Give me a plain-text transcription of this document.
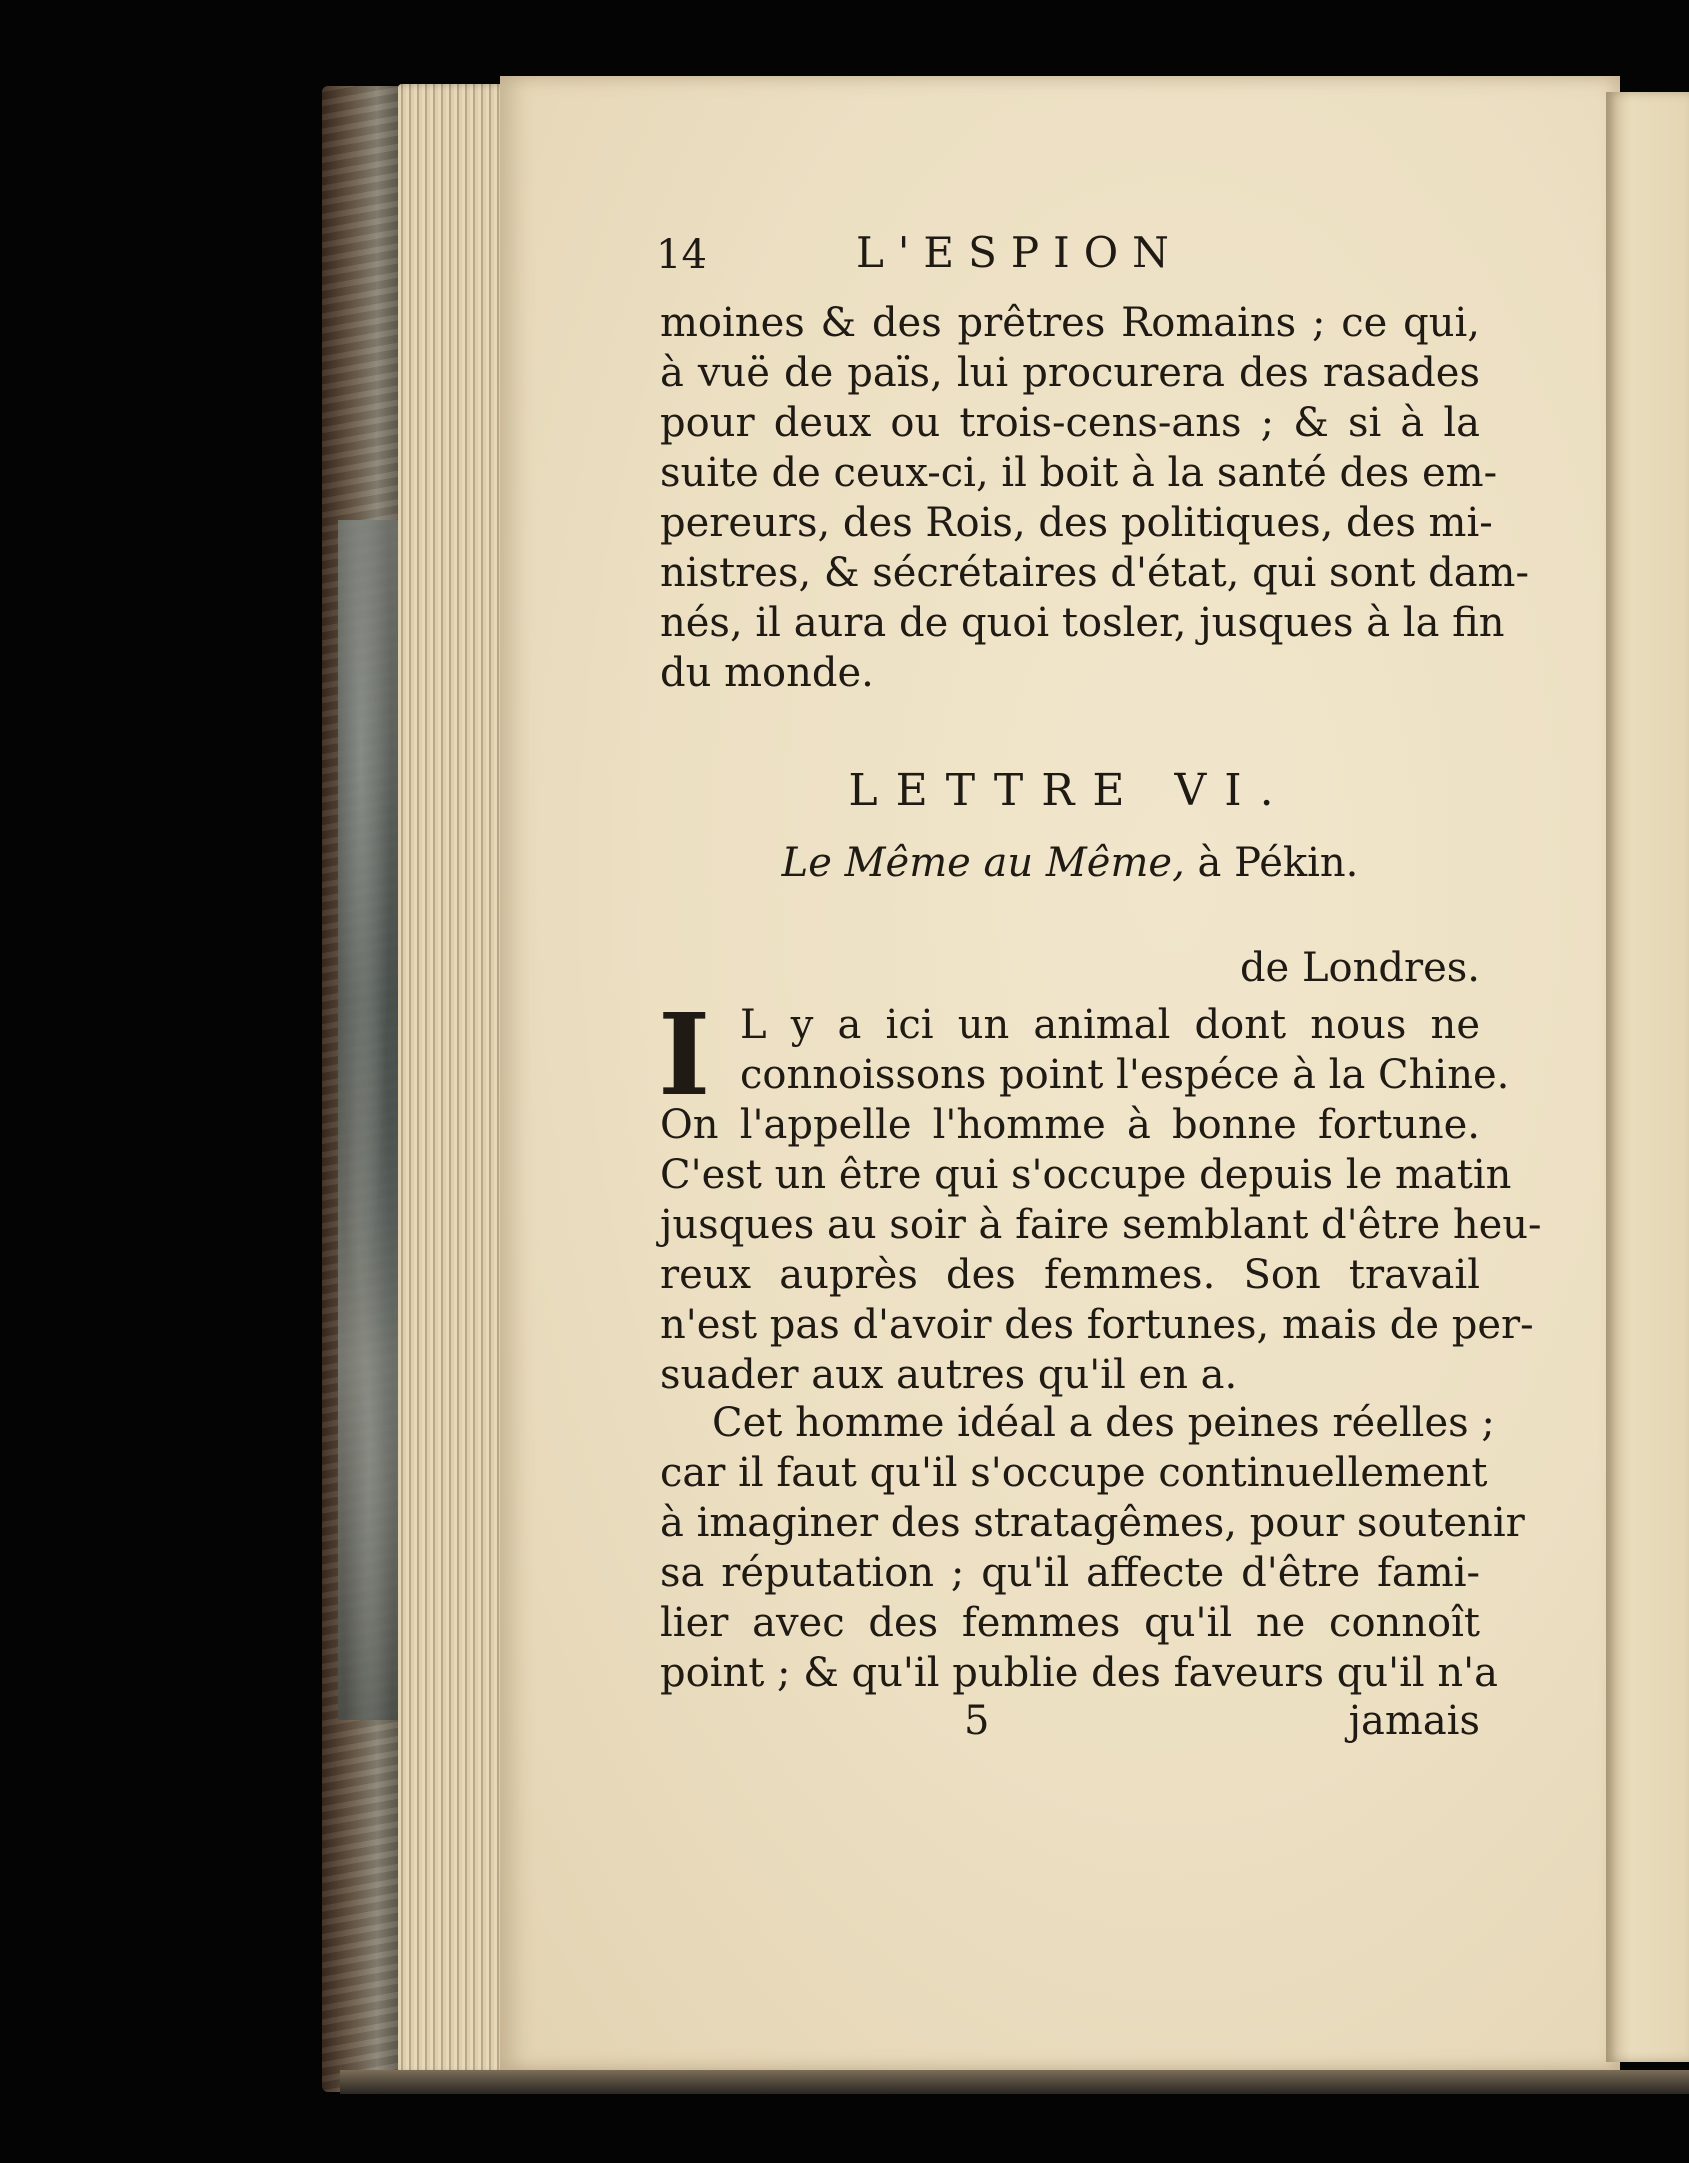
14	L'ESPION
moines & des prêtres Romains ; ce qui,
à vuë de païs, lui procurera des rasades
pour deux ou trois-cens-ans ; & si à la
suite de ceux-ci, il boit à la santé des em-
pereurs, des Rois, des politiques, des mi-
nistres, & sécrétaires d'état, qui sont dam-
nés, il aura de quoi tosler, jusques à la fin
du monde.
LETTRE VI.
Le Même au Même, à Pékin.
de Londres.
I L y a ici un animal dont nous ne
connoissons point l'espéce à la Chine.
On l'appelle l'homme à bonne fortune.
C'est un être qui s'occupe depuis le matin
jusques au soir à faire semblant d'être heu-
reux auprès des femmes. Son travail
n'est pas d'avoir des fortunes, mais de per-
suader aux autres qu'il en a.
Cet homme idéal a des peines réelles ;
car il faut qu'il s'occupe continuellement
à imaginer des stratagêmes, pour soutenir
sa réputation ; qu'il affecte d'être fami-
lier avec des femmes qu'il ne connoît
point ; & qu'il publie des faveurs qu'il n'a
5	jamais
